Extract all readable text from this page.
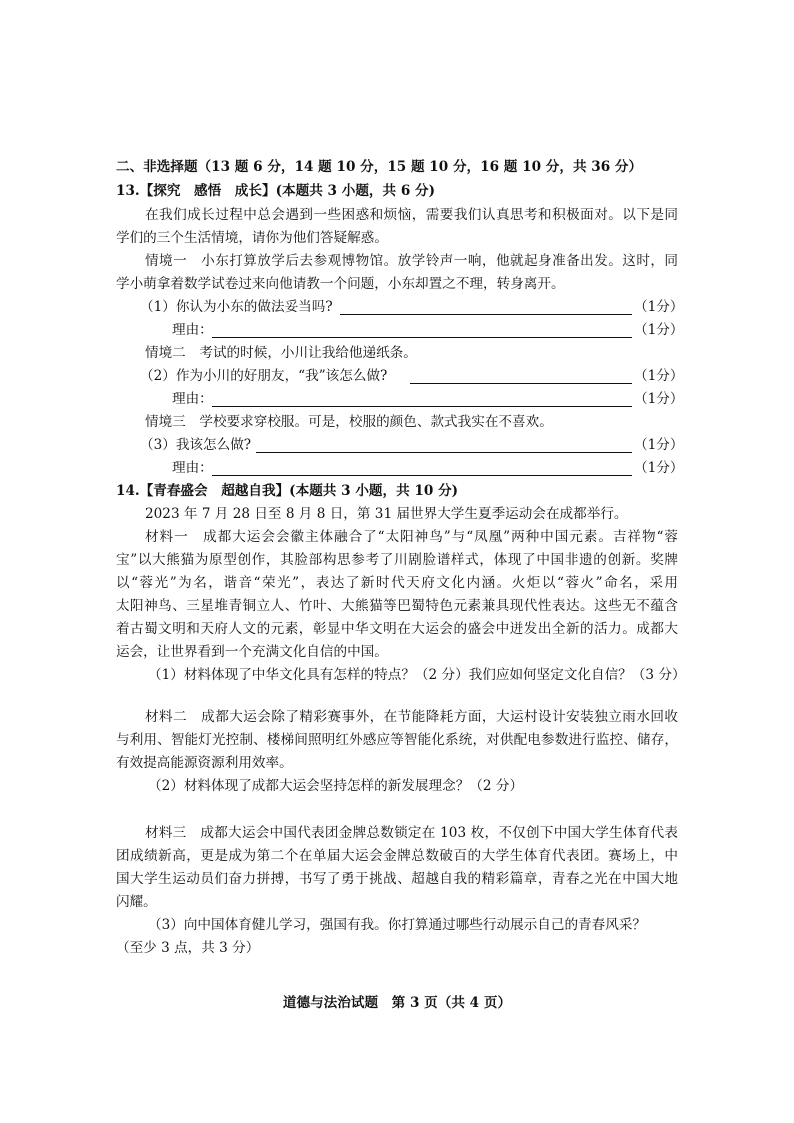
二、非选择题（13 题 6 分，14 题 10 分，15 题 10 分，16 题 10 分，共 36 分）
13.【探究　感悟　成长】(本题共 3 小题，共 6 分)
在我们成长过程中总会遇到一些困惑和烦恼，需要我们认真思考和积极面对。以下是同
学们的三个生活情境，请你为他们答疑解惑。
情境一　小东打算放学后去参观博物馆。放学铃声一响，他就起身准备出发。这时，同
学小萌拿着数学试卷过来向他请教一个问题，小东却置之不理，转身离开。
（1）你认为小东的做法妥当吗?	（1分）
理由：	（1分）
情境二　考试的时候，小川让我给他递纸条。
（2）作为小川的好朋友，“我”该怎么做?	（1分）
理由：	（1分）
情境三　学校要求穿校服。可是，校服的颜色、款式我实在不喜欢。
（3）我该怎么做?	（1分）
理由：	（1分）
14.【青春盛会　超越自我】(本题共 3 小题，共 10 分)
2023 年 7 月 28 日至 8 月 8 日，第 31 届世界大学生夏季运动会在成都举行。
材料一　成都大运会会徽主体融合了“太阳神鸟”与“凤凰”两种中国元素。吉祥物“蓉
宝”以大熊猫为原型创作，其脸部构思参考了川剧脸谱样式，体现了中国非遗的创新。奖牌
以“蓉光”为名，谐音“荣光”，表达了新时代天府文化内涵。火炬以“蓉火”命名，采用
太阳神鸟、三星堆青铜立人、竹叶、大熊猫等巴蜀特色元素兼具现代性表达。这些无不蕴含
着古蜀文明和天府人文的元素，彰显中华文明在大运会的盛会中迸发出全新的活力。成都大
运会，让世界看到一个充满文化自信的中国。
（1）材料体现了中华文化具有怎样的特点？（2 分）我们应如何坚定文化自信？（3 分）
材料二　成都大运会除了精彩赛事外，在节能降耗方面，大运村设计安装独立雨水回收
与利用、智能灯光控制、楼梯间照明红外感应等智能化系统，对供配电参数进行监控、储存，
有效提高能源资源利用效率。
（2）材料体现了成都大运会坚持怎样的新发展理念？（2 分）
材料三　成都大运会中国代表团金牌总数锁定在 103 枚，不仅创下中国大学生体育代表
团成绩新高，更是成为第二个在单届大运会金牌总数破百的大学生体育代表团。赛场上，中
国大学生运动员们奋力拼搏，书写了勇于挑战、超越自我的精彩篇章，青春之光在中国大地
闪耀。
（3）向中国体育健儿学习，强国有我。你打算通过哪些行动展示自己的青春风采？
（至少 3 点，共 3 分）
道德与法治试题　第 3 页（共 4 页）
